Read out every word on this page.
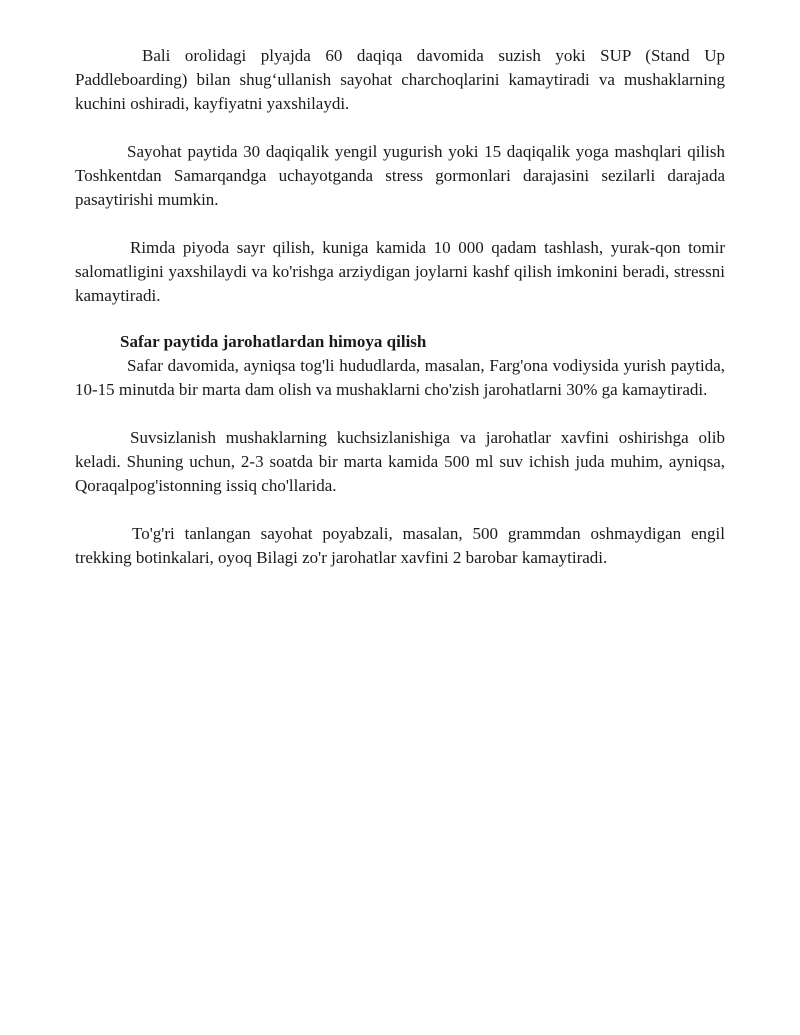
Bali orolidagi plyajda 60 daqiqa davomida suzish yoki SUP (Stand Up Paddleboarding) bilan shug‘ullanish sayohat charchoqlarini kamaytiradi va mushaklarning kuchini oshiradi, kayfiyatni yaxshilaydi.

Sayohat paytida 30 daqiqalik yengil yugurish yoki 15 daqiqalik yoga mashqlari qilish Toshkentdan Samarqandga uchayotganda stress gormonlari darajasini sezilarli darajada pasaytirishi mumkin.

Rimda piyoda sayr qilish, kuniga kamida 10 000 qadam tashlash, yurak-qon tomir salomatligini yaxshilaydi va ko'rishga arziydigan joylarni kashf qilish imkonini beradi, stressni kamaytiradi.

Safar paytida jarohatlardan himoya qilish

Safar davomida, ayniqsa tog'li hududlarda, masalan, Farg'ona vodiysida yurish paytida, 10-15 minutda bir marta dam olish va mushaklarni cho'zish jarohatlarni 30% ga kamaytiradi.

Suvsizlanish mushaklarning kuchsizlanishiga va jarohatlar xavfini oshirishga olib keladi. Shuning uchun, 2-3 soatda bir marta kamida 500 ml suv ichish juda muhim, ayniqsa, Qoraqalpog'istonning issiq cho'llarida.

To'g'ri tanlangan sayohat poyabzali, masalan, 500 grammdan oshmaydigan engil trekking botinkalari, oyoq Bilagi zo'r jarohatlar xavfini 2 barobar kamaytiradi.
